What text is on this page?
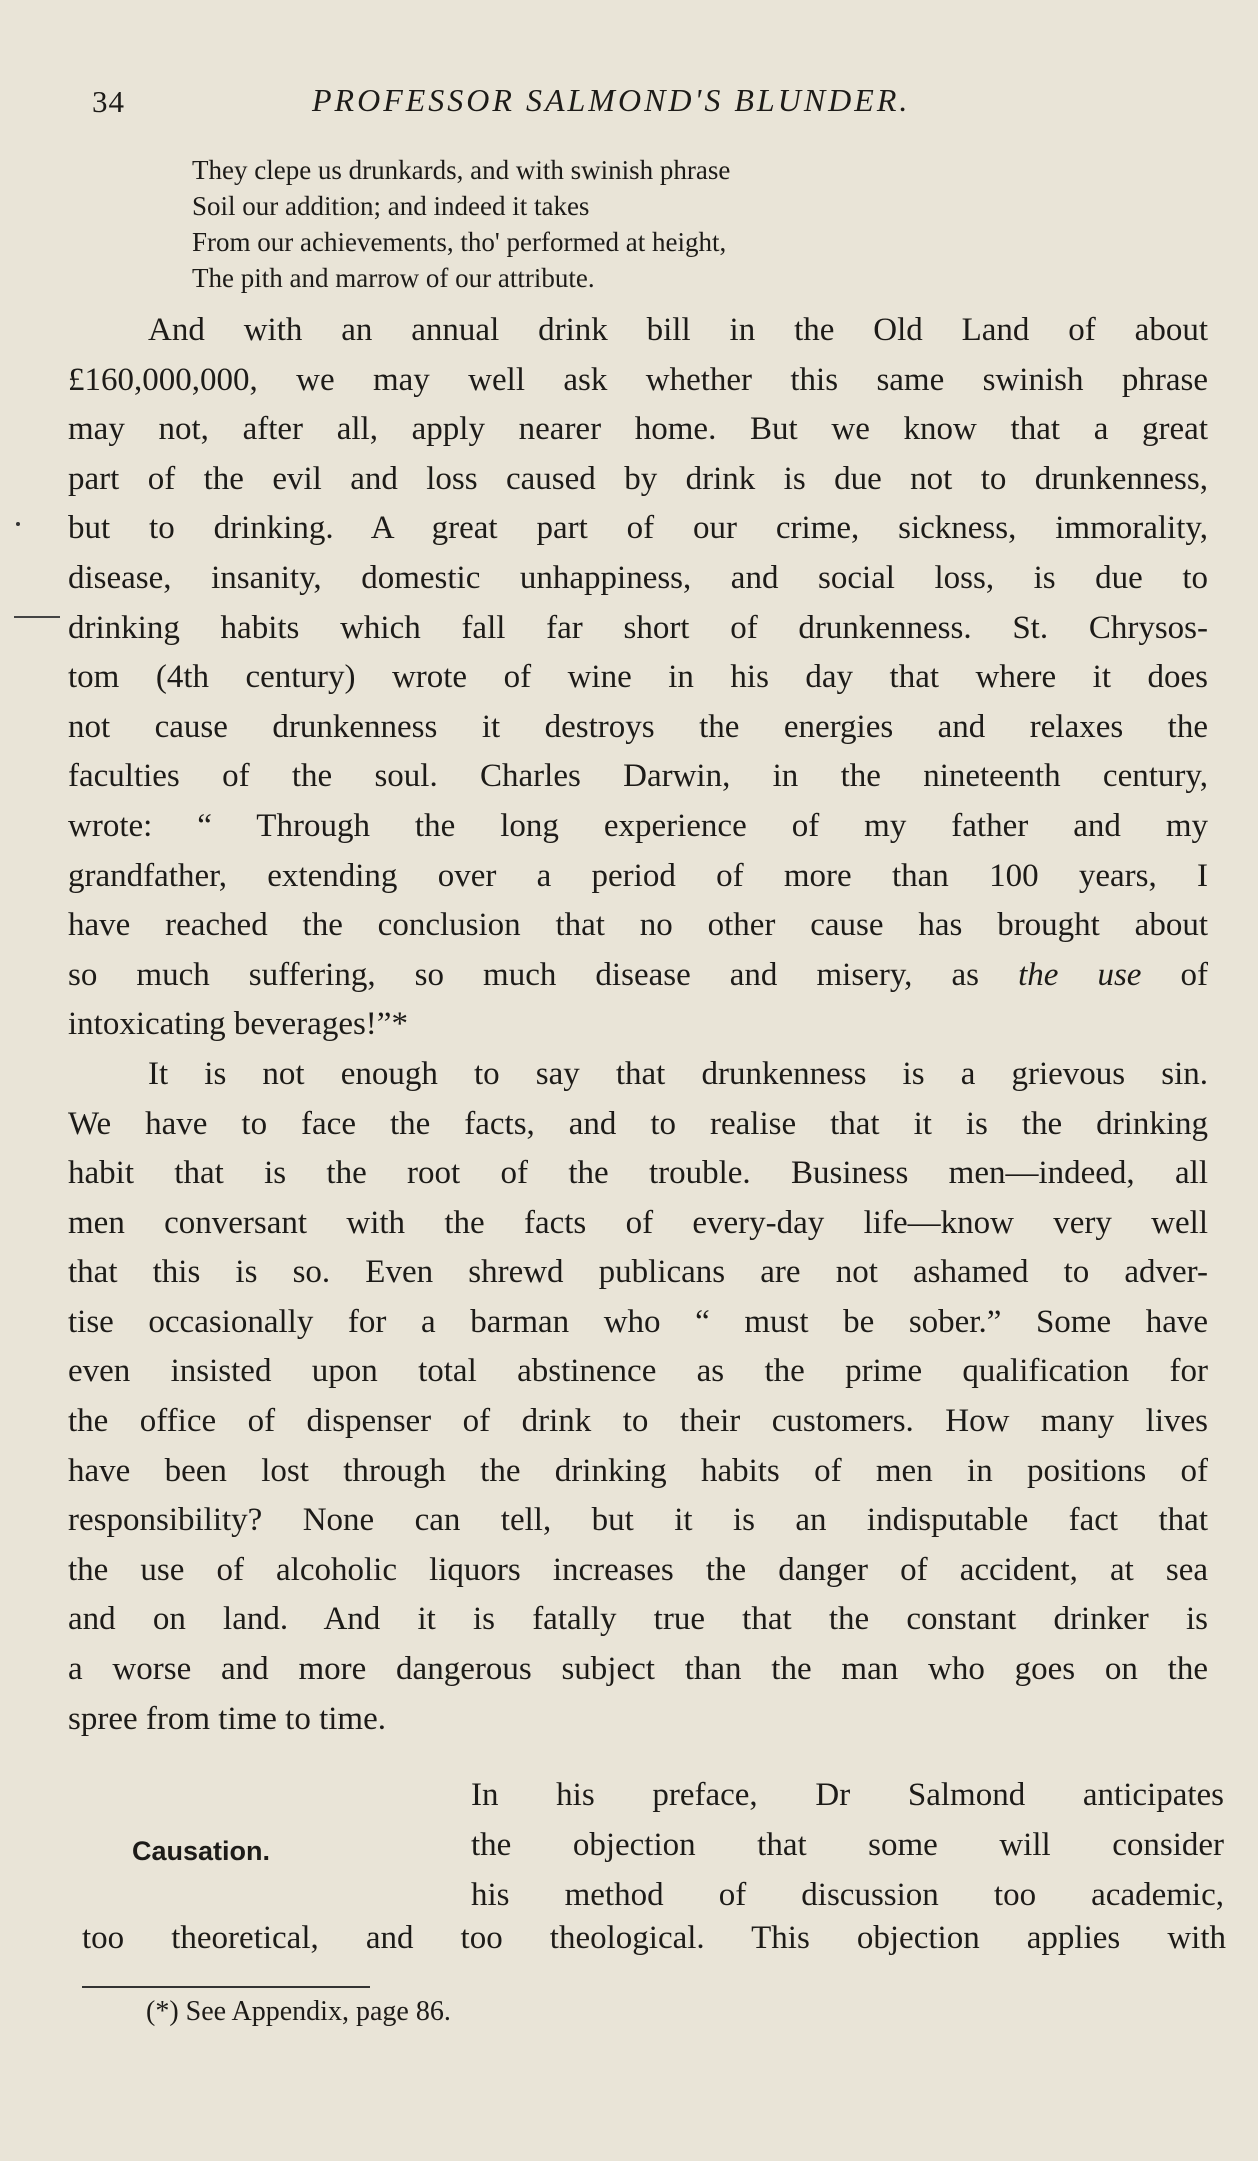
34	PROFESSOR SALMOND'S BLUNDER.
They clepe us drunkards, and with swinish phrase
Soil our addition; and indeed it takes
From our achievements, tho' performed at height,
The pith and marrow of our attribute.
And with an annual drink bill in the Old Land of about
£160,000,000, we may well ask whether this same swinish phrase
may not, after all, apply nearer home. But we know that a great
part of the evil and loss caused by drink is due not to drunkenness,
but to drinking. A great part of our crime, sickness, immorality,
disease, insanity, domestic unhappiness, and social loss, is due to
drinking habits which fall far short of drunkenness. St. Chrysos-
tom (4th century) wrote of wine in his day that where it does
not cause drunkenness it destroys the energies and relaxes the
faculties of the soul. Charles Darwin, in the nineteenth century,
wrote: “ Through the long experience of my father and my
grandfather, extending over a period of more than 100 years, I
have reached the conclusion that no other cause has brought about
so much suffering, so much disease and misery, as the use of
intoxicating beverages!”*
It is not enough to say that drunkenness is a grievous sin.
We have to face the facts, and to realise that it is the drinking
habit that is the root of the trouble. Business men—indeed, all
men conversant with the facts of every-day life—know very well
that this is so. Even shrewd publicans are not ashamed to adver-
tise occasionally for a barman who “ must be sober.” Some have
even insisted upon total abstinence as the prime qualification for
the office of dispenser of drink to their customers. How many lives
have been lost through the drinking habits of men in positions of
responsibility? None can tell, but it is an indisputable fact that
the use of alcoholic liquors increases the danger of accident, at sea
and on land. And it is fatally true that the constant drinker is
a worse and more dangerous subject than the man who goes on the
spree from time to time.
Causation.
In his preface, Dr Salmond anticipates
the objection that some will consider
his method of discussion too academic,
too theoretical, and too theological. This objection applies with
(*) See Appendix, page 86.
